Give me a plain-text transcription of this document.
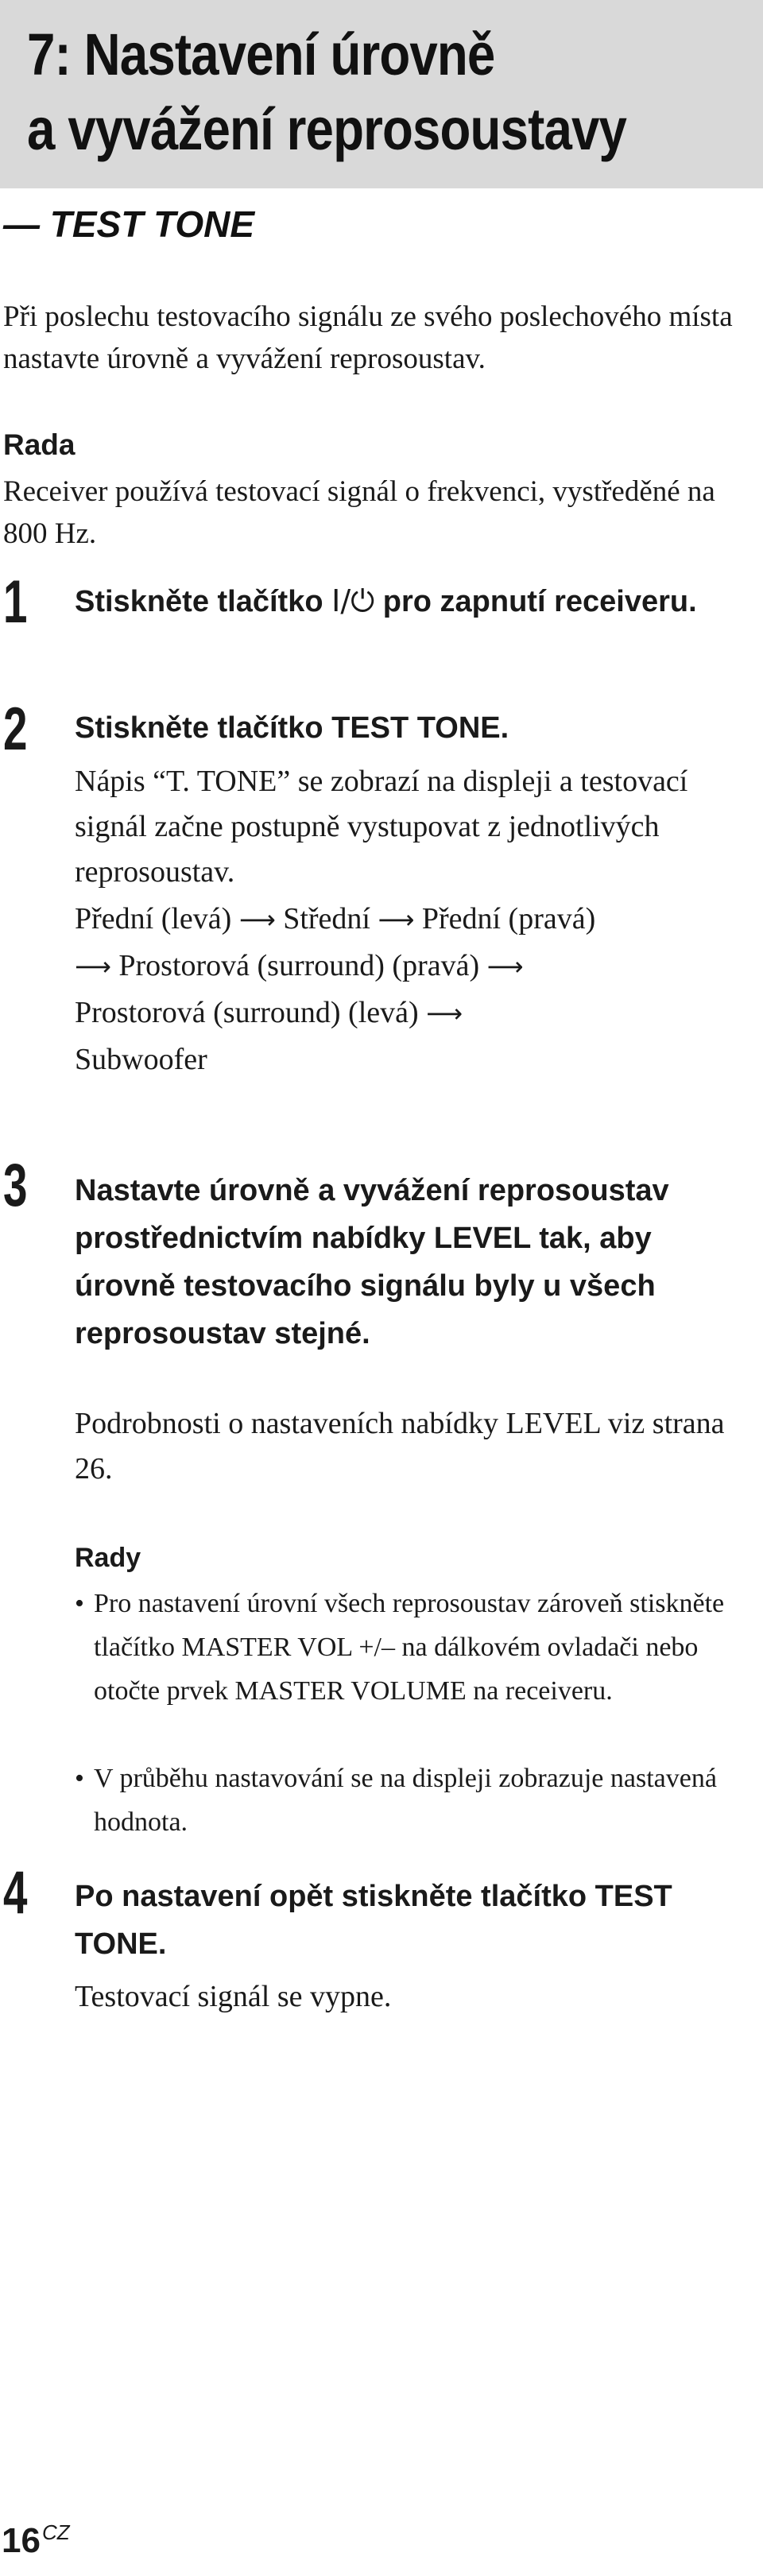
7: Nastavení úrovně
a vyvážení reprosoustavy
— TEST TONE
Při poslechu testovacího signálu ze svého poslechového místa nastavte úrovně a vyvážení reprosoustav.
Rada
Receiver používá testovací signál o frekvenci, vystředěné na 800 Hz.
1 Stiskněte tlačítko I/⏻ pro zapnutí receiveru.
2 Stiskněte tlačítko TEST TONE.
Nápis “T. TONE” se zobrazí na displeji a testovací signál začne postupně vystupovat z jednotlivých reprosoustav.
Přední (levá) ⟶ Střední ⟶ Přední (pravá)
⟶ Prostorová (surround) (pravá) ⟶
Prostorová (surround) (levá) ⟶
Subwoofer
3 Nastavte úrovně a vyvážení reprosoustav prostřednictvím nabídky LEVEL tak, aby úrovně testovacího signálu byly u všech reprosoustav stejné.
Podrobnosti o nastaveních nabídky LEVEL viz strana 26.
Rady
• Pro nastavení úrovní všech reprosoustav zároveň stiskněte tlačítko MASTER VOL +/– na dálkovém ovladači nebo otočte prvek MASTER VOLUME na receiveru.
• V průběhu nastavování se na displeji zobrazuje nastavená hodnota.
4 Po nastavení opět stiskněte tlačítko TEST TONE.
Testovací signál se vypne.
$16^{CZ}$
